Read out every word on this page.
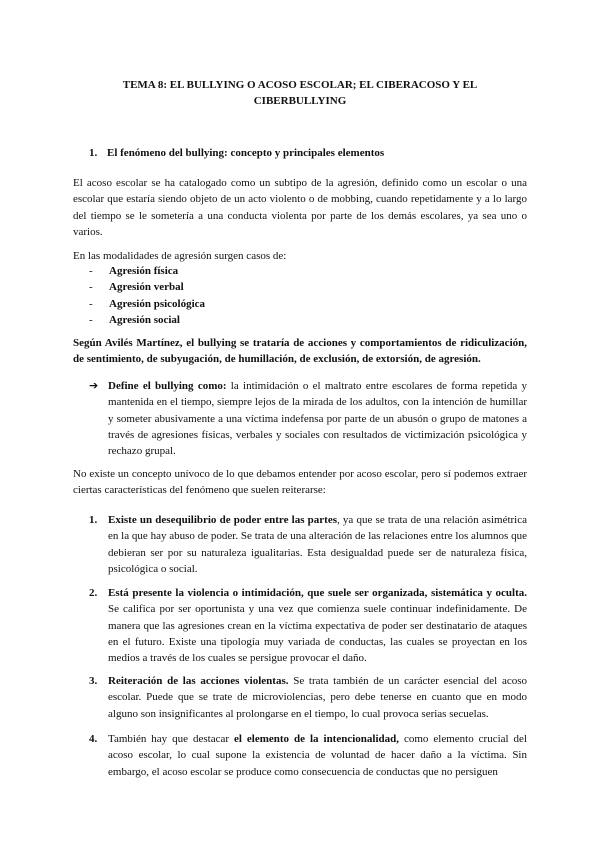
TEMA 8: EL BULLYING O ACOSO ESCOLAR; EL CIBERACOSO Y EL
CIBERBULLYING
1. El fenómeno del bullying: concepto y principales elementos
El acoso escolar se ha catalogado como un subtipo de la agresión, definido como un escolar o una escolar que estaría siendo objeto de un acto violento o de mobbing, cuando repetidamente y a lo largo del tiempo se le sometería a una conducta violenta por parte de los demás escolares, ya sea uno o varios.
En las modalidades de agresión surgen casos de:
- Agresión física
- Agresión verbal
- Agresión psicológica
- Agresión social
Según Avilés Martínez, el bullying se trataría de acciones y comportamientos de ridiculización, de sentimiento, de subyugación, de humillación, de exclusión, de extorsión, de agresión.
➔ Define el bullying como: la intimidación o el maltrato entre escolares de forma repetida y mantenida en el tiempo, siempre lejos de la mirada de los adultos, con la intención de humillar y someter abusivamente a una víctima indefensa por parte de un abusón o grupo de matones a través de agresiones físicas, verbales y sociales con resultados de victimización psicológica y rechazo grupal.
No existe un concepto unívoco de lo que debamos entender por acoso escolar, pero sí podemos extraer ciertas características del fenómeno que suelen reiterarse:
1. Existe un desequilibrio de poder entre las partes, ya que se trata de una relación asimétrica en la que hay abuso de poder. Se trata de una alteración de las relaciones entre los alumnos que debieran ser por su naturaleza igualitarias. Esta desigualdad puede ser de naturaleza física, psicológica o social.
2. Está presente la violencia o intimidación, que suele ser organizada, sistemática y oculta. Se califica por ser oportunista y una vez que comienza suele continuar indefinidamente. De manera que las agresiones crean en la víctima expectativa de poder ser destinatario de ataques en el futuro. Existe una tipología muy variada de conductas, las cuales se proyectan en los medios a través de los cuales se persigue provocar el daño.
3. Reiteración de las acciones violentas. Se trata también de un carácter esencial del acoso escolar. Puede que se trate de microviolencias, pero debe tenerse en cuanto que en modo alguno son insignificantes al prolongarse en el tiempo, lo cual provoca serias secuelas.
4. También hay que destacar el elemento de la intencionalidad, como elemento crucial del acoso escolar, lo cual supone la existencia de voluntad de hacer daño a la víctima. Sin embargo, el acoso escolar se produce como consecuencia de conductas que no persiguen
